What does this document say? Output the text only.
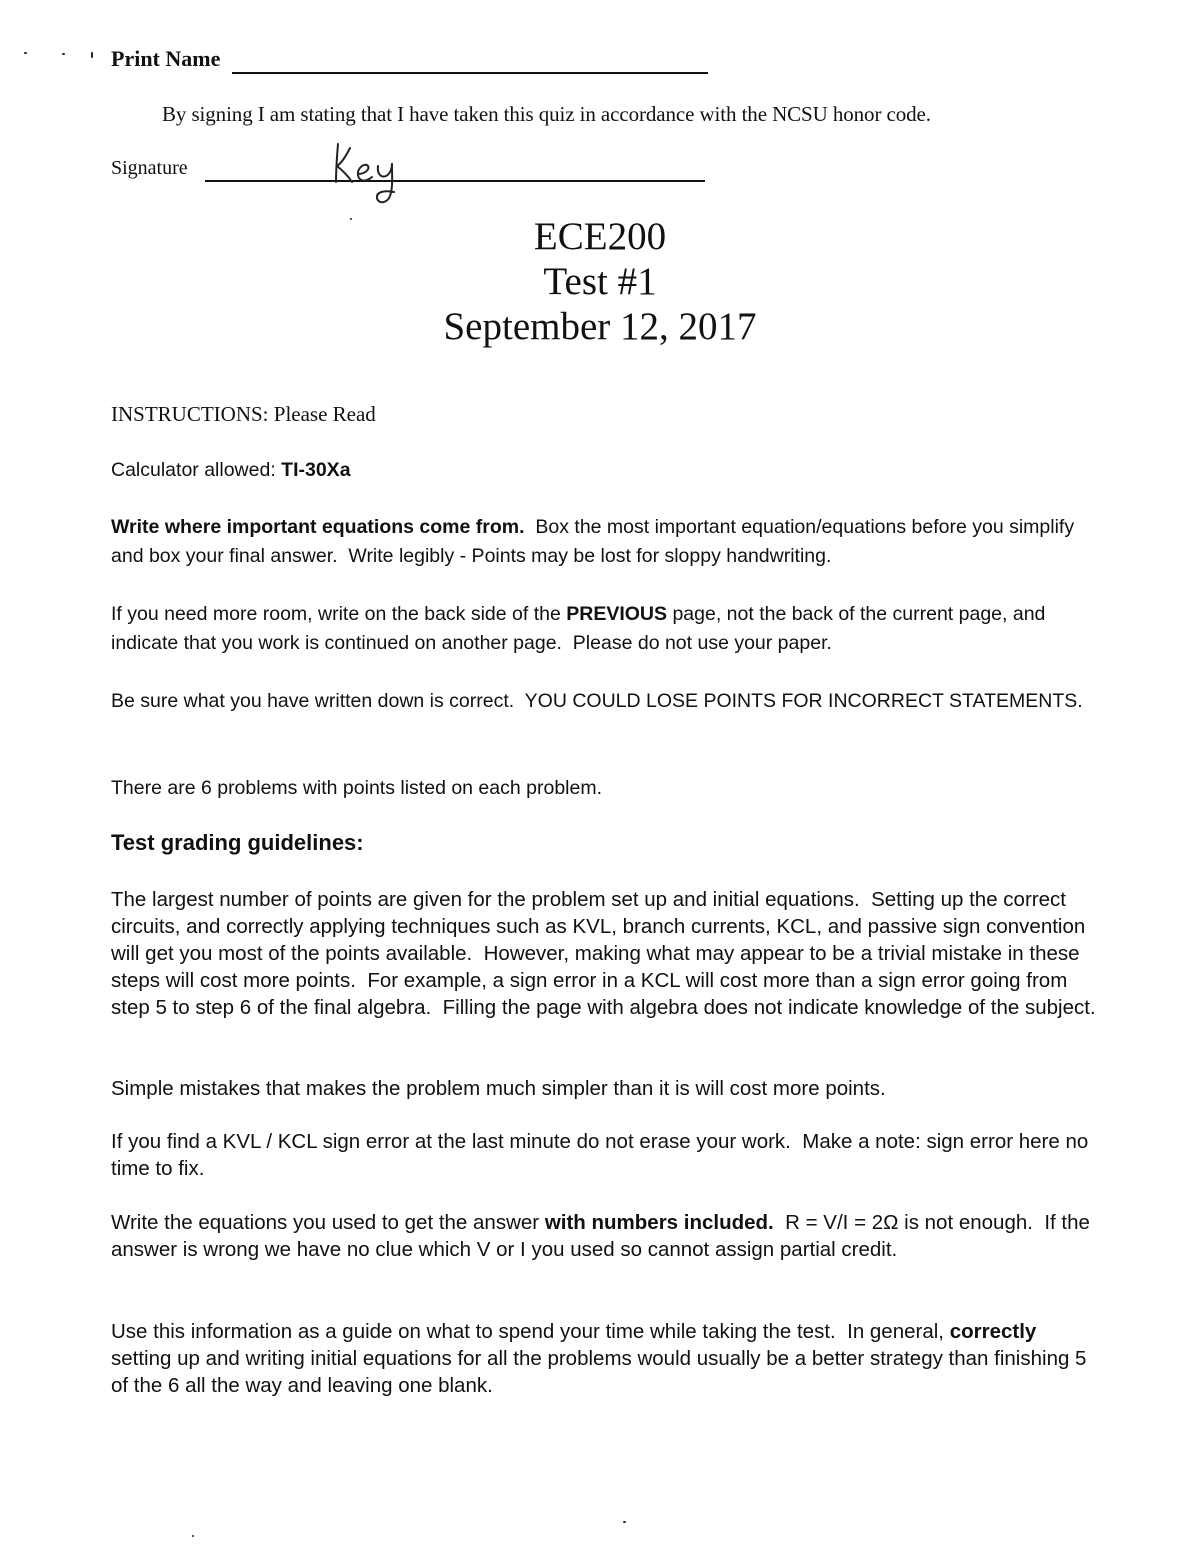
Print Name
By signing I am stating that I have taken this quiz in accordance with the NCSU honor code.
Signature
ECE200
Test #1
September 12, 2017
INSTRUCTIONS: Please Read
Calculator allowed: TI-30Xa
Write where important equations come from.  Box the most important equation/equations before you simplify and box your final answer.  Write legibly - Points may be lost for sloppy handwriting.
If you need more room, write on the back side of the PREVIOUS page, not the back of the current page, and indicate that you work is continued on another page.  Please do not use your paper.
Be sure what you have written down is correct.  YOU COULD LOSE POINTS FOR INCORRECT STATEMENTS.
There are 6 problems with points listed on each problem.
Test grading guidelines:
The largest number of points are given for the problem set up and initial equations.  Setting up the correct circuits, and correctly applying techniques such as KVL, branch currents, KCL, and passive sign convention will get you most of the points available.  However, making what may appear to be a trivial mistake in these steps will cost more points.  For example, a sign error in a KCL will cost more than a sign error going from step 5 to step 6 of the final algebra.  Filling the page with algebra does not indicate knowledge of the subject.
Simple mistakes that makes the problem much simpler than it is will cost more points.
If you find a KVL / KCL sign error at the last minute do not erase your work.  Make a note: sign error here no time to fix.
Write the equations you used to get the answer with numbers included.  R = V/I = 2Ω is not enough.  If the answer is wrong we have no clue which V or I you used so cannot assign partial credit.
Use this information as a guide on what to spend your time while taking the test.  In general, correctly setting up and writing initial equations for all the problems would usually be a better strategy than finishing 5 of the 6 all the way and leaving one blank.
